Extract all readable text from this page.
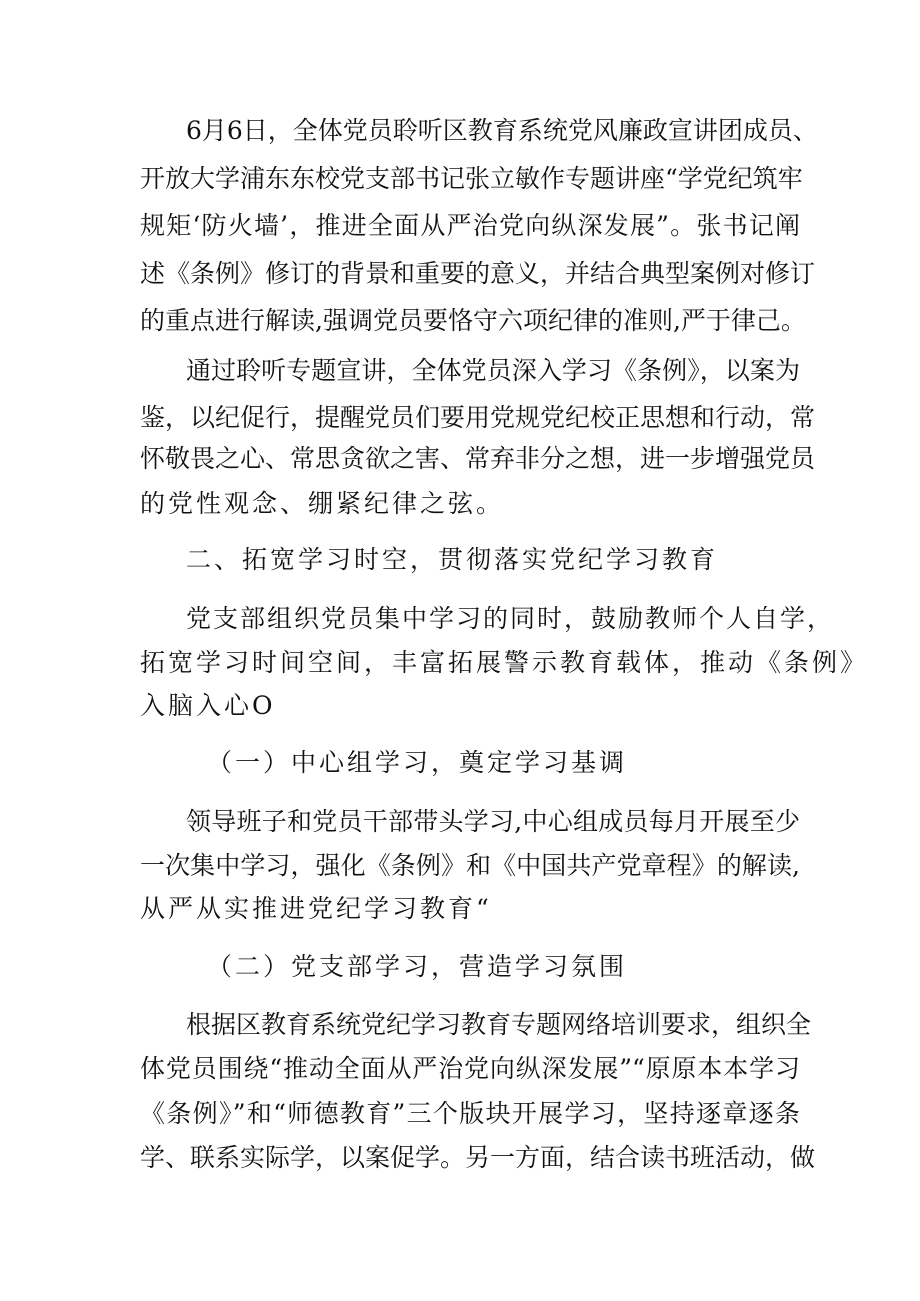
6月6日，全体党员聆听区教育系统党风廉政宣讲团成员、
开放大学浦东东校党支部书记张立敏作专题讲座“学党纪筑牢
规矩‘防火墙’，推进全面从严治党向纵深发展”。张书记阐
述《条例》修订的背景和重要的意义，并结合典型案例对修订
的重点进行解读,强调党员要恪守六项纪律的准则,严于律己。
通过聆听专题宣讲，全体党员深入学习《条例》，以案为
鉴，以纪促行，提醒党员们要用党规党纪校正思想和行动，常
怀敬畏之心、常思贪欲之害、常弃非分之想，进一步增强党员
的党性观念、绷紧纪律之弦。
二、拓宽学习时空，贯彻落实党纪学习教育
党支部组织党员集中学习的同时，鼓励教师个人自学，
拓宽学习时间空间，丰富拓展警示教育载体，推动《条例》
入脑入心O
（一）中心组学习，奠定学习基调
领导班子和党员干部带头学习,中心组成员每月开展至少
一次集中学习，强化《条例》和《中国共产党章程》的解读,
从严从实推进党纪学习教育“
（二）党支部学习，营造学习氛围
根据区教育系统党纪学习教育专题网络培训要求，组织全
体党员围绕“推动全面从严治党向纵深发展”“原原本本学习
《条例》”和“师德教育”三个版块开展学习，坚持逐章逐条
学、联系实际学，以案促学。另一方面，结合读书班活动，做
